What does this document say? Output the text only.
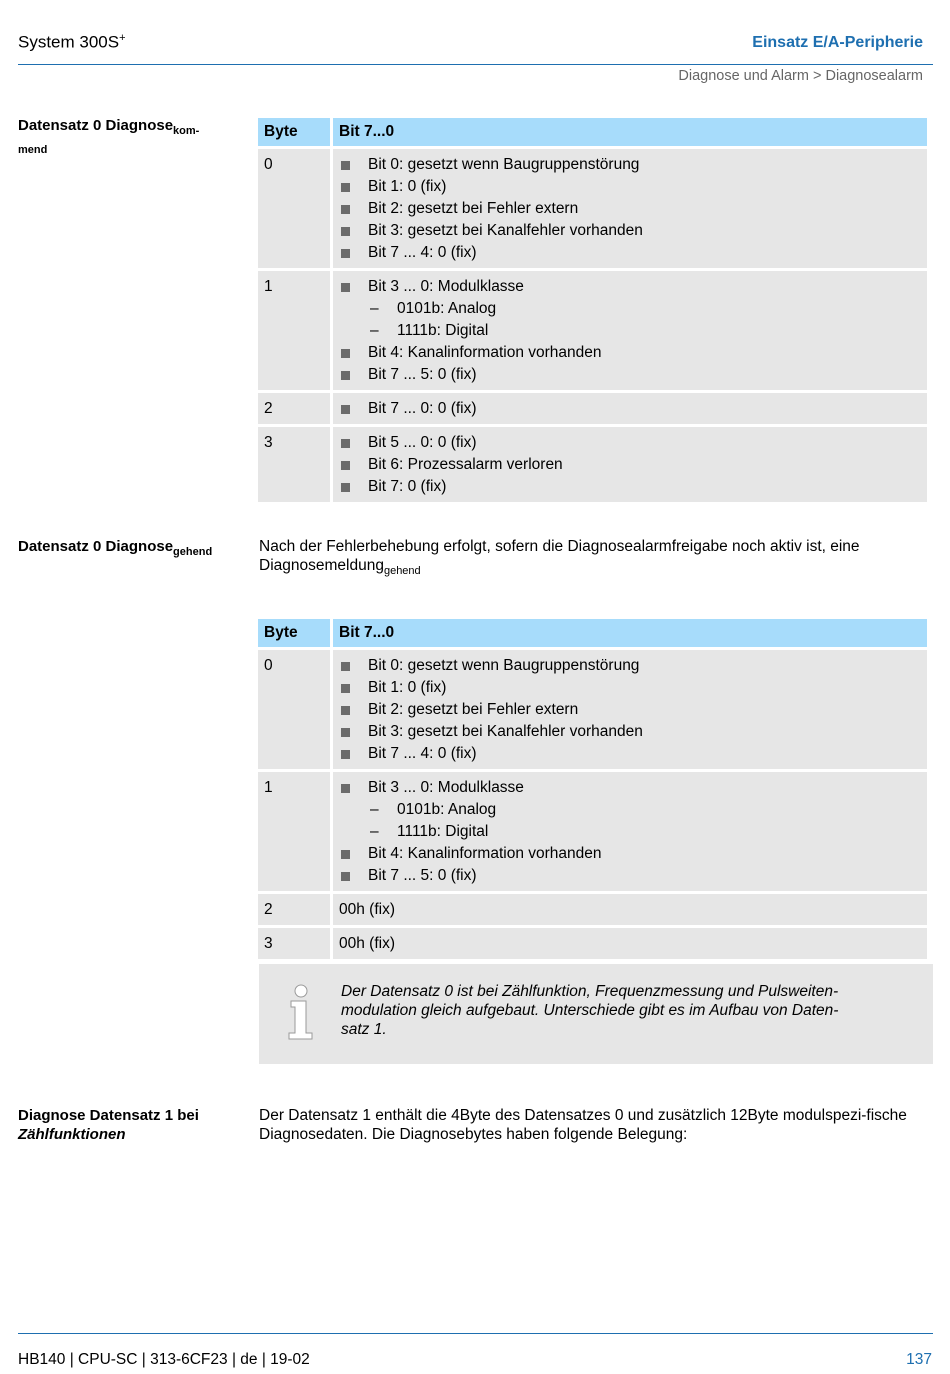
System 300S+	Einsatz E/A-Peripherie
Diagnose und Alarm > Diagnosealarm
Datensatz 0 Diagnose$_{kom-}$
mend
Byte	Bit 7...0
0	Bit 0: gesetzt wenn Baugruppenstörung
Bit 1: 0 (fix)
Bit 2: gesetzt bei Fehler extern
Bit 3: gesetzt bei Kanalfehler vorhanden
Bit 7 ... 4: 0 (fix)

1	Bit 3 ... 0: Modulklasse
– 0101b: Analog
– 1111b: Digital
Bit 4: Kanalinformation vorhanden
Bit 7 ... 5: 0 (fix)

2	Bit 7 ... 0: 0 (fix)

3	Bit 5 ... 0: 0 (fix)
Bit 6: Prozessalarm verloren
Bit 7: 0 (fix)
Datensatz 0 Diagnose$_{gehend}$	Nach der Fehlerbehebung erfolgt, sofern die Diagnosealarmfreigabe noch aktiv ist, eine Diagnosemeldung$_{gehend}$
Byte	Bit 7...0
0	Bit 0: gesetzt wenn Baugruppenstörung
Bit 1: 0 (fix)
Bit 2: gesetzt bei Fehler extern
Bit 3: gesetzt bei Kanalfehler vorhanden
Bit 7 ... 4: 0 (fix)

1	Bit 3 ... 0: Modulklasse
– 0101b: Analog
– 1111b: Digital
Bit 4: Kanalinformation vorhanden
Bit 7 ... 5: 0 (fix)

2	00h (fix)
3	00h (fix)
Der Datensatz 0 ist bei Zählfunktion, Frequenzmessung und Pulsweiten-
modulation gleich aufgebaut. Unterschiede gibt es im Aufbau von Daten-
satz 1.
Diagnose Datensatz 1 bei
Zählfunktionen
Der Datensatz 1 enthält die 4Byte des Datensatzes 0 und zusätzlich 12Byte modulspezi-fische Diagnosedaten. Die Diagnosebytes haben folgende Belegung:
HB140 | CPU-SC | 313-6CF23 | de | 19-02	137
